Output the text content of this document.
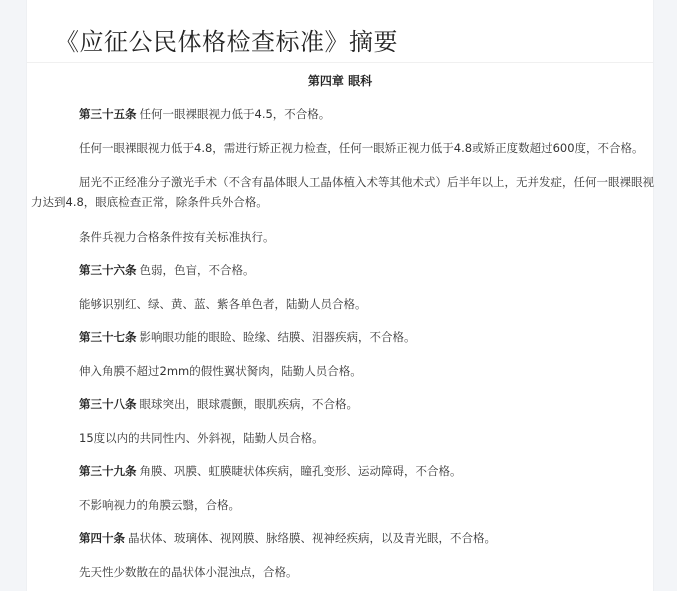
《应征公民体格检查标准》摘要
第四章 眼科

第三十五条 任何一眼裸眼视力低于4.5，不合格。

任何一眼裸眼视力低于4.8，需进行矫正视力检查，任何一眼矫正视力低于4.8或矫正度数超过600度，不合格。

屈光不正经准分子激光手术（不含有晶体眼人工晶体植入术等其他术式）后半年以上，无并发症，任何一眼裸眼视力达到4.8，眼底检查正常，除条件兵外合格。

条件兵视力合格条件按有关标准执行。

第三十六条 色弱，色盲，不合格。

能够识别红、绿、黄、蓝、紫各单色者，陆勤人员合格。

第三十七条 影响眼功能的眼睑、睑缘、结膜、泪器疾病，不合格。

伸入角膜不超过2mm的假性翼状胬肉，陆勤人员合格。

第三十八条 眼球突出，眼球震颤，眼肌疾病，不合格。

15度以内的共同性内、外斜视，陆勤人员合格。

第三十九条 角膜、巩膜、虹膜睫状体疾病，瞳孔变形、运动障碍，不合格。

不影响视力的角膜云翳，合格。

第四十条 晶状体、玻璃体、视网膜、脉络膜、视神经疾病，以及青光眼，不合格。

先天性少数散在的晶状体小混浊点，合格。
